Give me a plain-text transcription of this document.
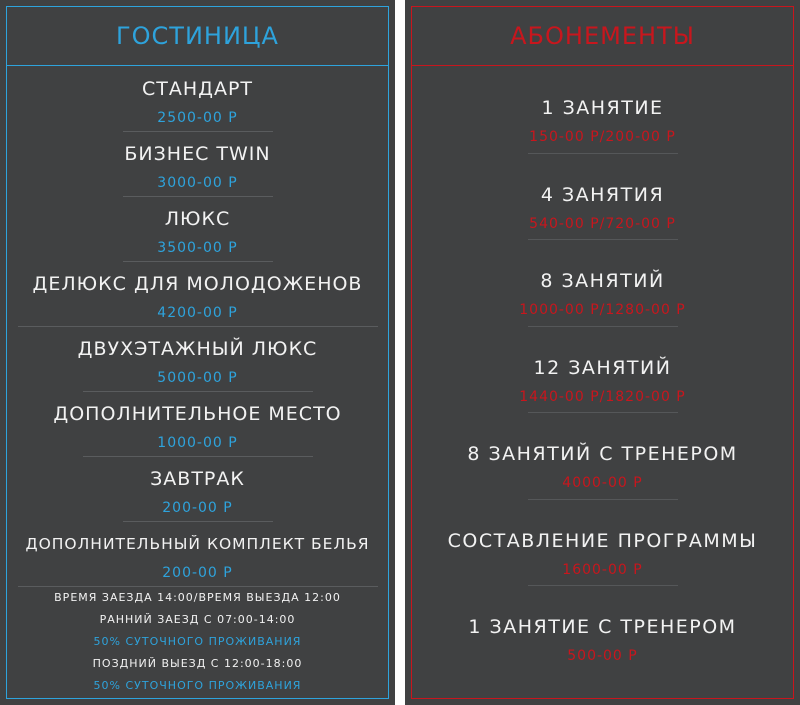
ГОСТИНИЦА
СТАНДАРТ
2500-00 Р
БИЗНЕС TWIN
3000-00 Р
ЛЮКС
3500-00 Р
ДЕЛЮКС ДЛЯ МОЛОДОЖЕНОВ
4200-00 Р
ДВУХЭТАЖНЫЙ ЛЮКС
5000-00 Р
ДОПОЛНИТЕЛЬНОЕ МЕСТО
1000-00 Р
ЗАВТРАК
200-00 Р
ДОПОЛНИТЕЛЬНЫЙ КОМПЛЕКТ БЕЛЬЯ
200-00 Р
ВРЕМЯ ЗАЕЗДА 14:00/ВРЕМЯ ВЫЕЗДА 12:00
РАННИЙ ЗАЕЗД С 07:00-14:00
50% СУТОЧНОГО ПРОЖИВАНИЯ
ПОЗДНИЙ ВЫЕЗД С 12:00-18:00
50% СУТОЧНОГО ПРОЖИВАНИЯ
АБОНЕМЕНТЫ
1 ЗАНЯТИЕ
150-00 Р/200-00 Р
4 ЗАНЯТИЯ
540-00 Р/720-00 Р
8 ЗАНЯТИЙ
1000-00 Р/1280-00 Р
12 ЗАНЯТИЙ
1440-00 Р/1820-00 Р
8 ЗАНЯТИЙ С ТРЕНЕРОМ
4000-00 Р
СОСТАВЛЕНИЕ ПРОГРАММЫ
1600-00 Р
1 ЗАНЯТИЕ С ТРЕНЕРОМ
500-00 Р
